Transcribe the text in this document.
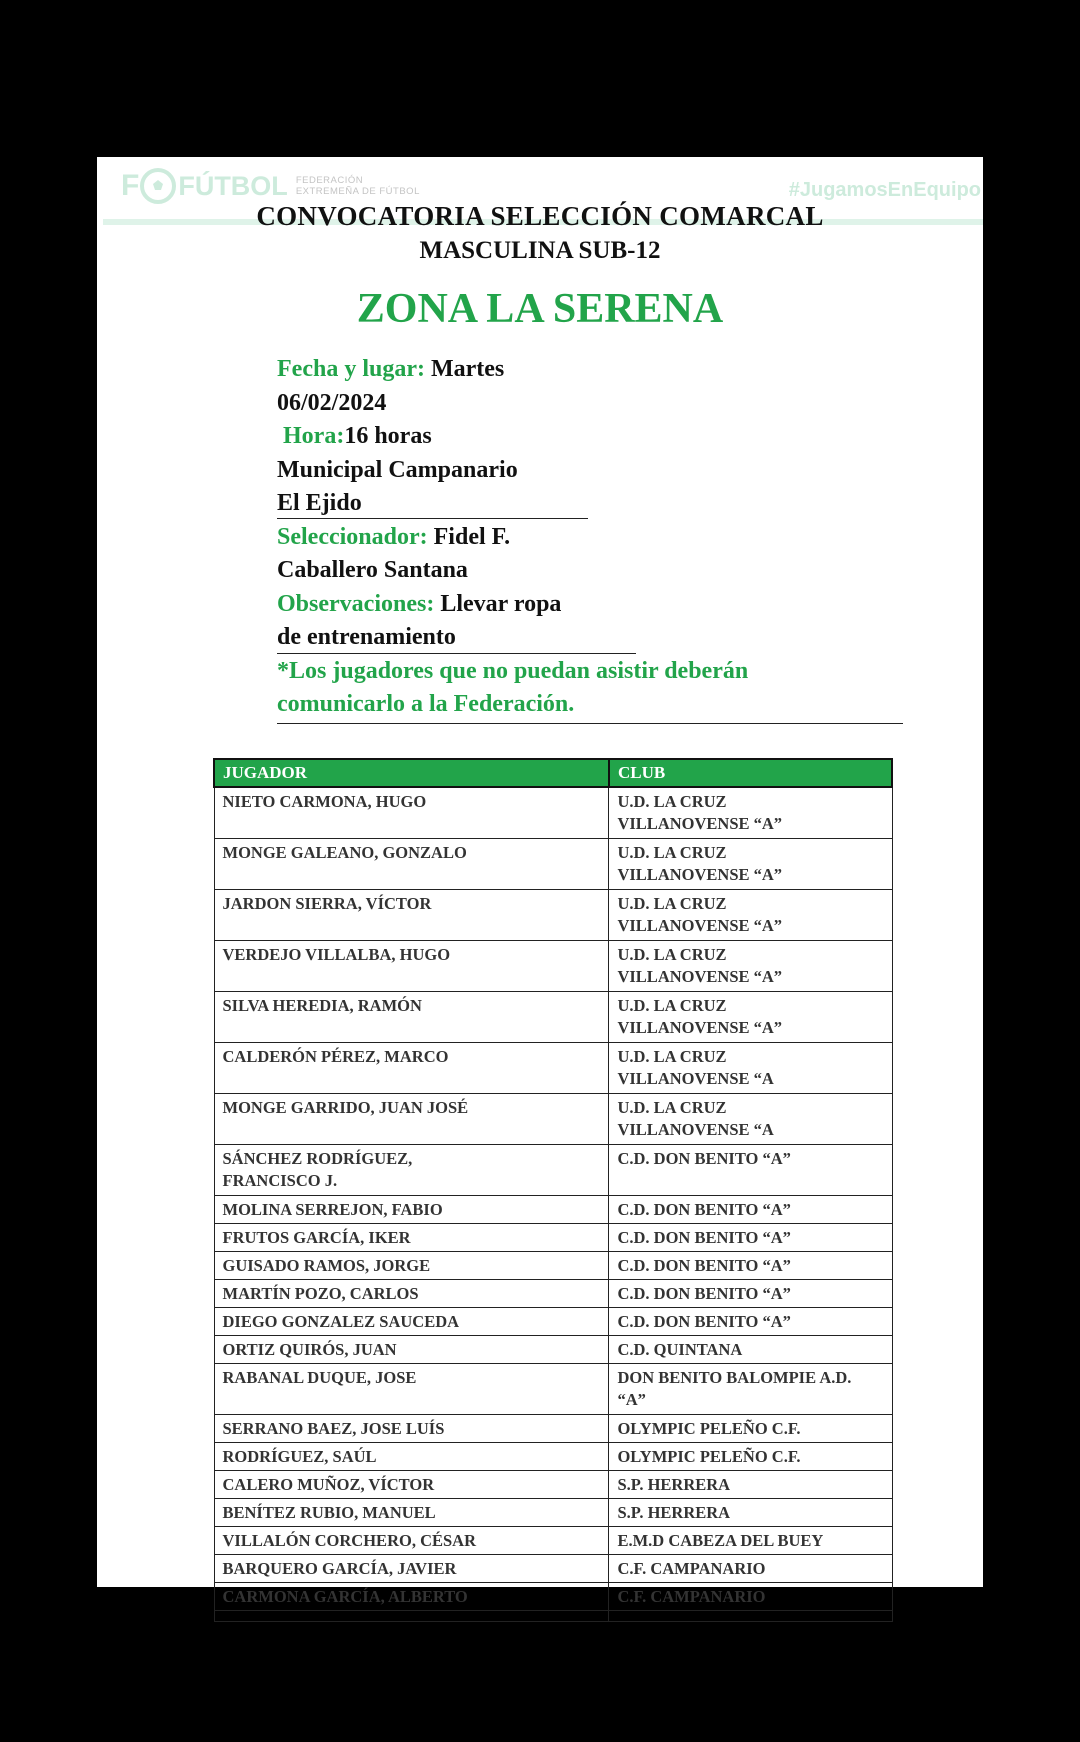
F FÚTBOL FEDERACIÓN
EXTREMEÑA DE FÚTBOL	#JugamosEnEquipo
CONVOCATORIA SELECCIÓN COMARCAL
MASCULINA SUB-12
ZONA LA SERENA
Fecha y lugar: Martes
06/02/2024
Hora:16 horas
Municipal Campanario
El Ejido
Seleccionador: Fidel F.
Caballero Santana
Observaciones: Llevar ropa
de entrenamiento
*Los jugadores que no puedan asistir deberán
comunicarlo a la Federación.
JUGADOR	CLUB
NIETO CARMONA, HUGO	U.D. LA CRUZ
VILLANOVENSE “A”

MONGE GALEANO, GONZALO	U.D. LA CRUZ
VILLANOVENSE “A”

JARDON SIERRA, VÍCTOR	U.D. LA CRUZ
VILLANOVENSE “A”

VERDEJO VILLALBA, HUGO	U.D. LA CRUZ
VILLANOVENSE “A”

SILVA HEREDIA, RAMÓN	U.D. LA CRUZ
VILLANOVENSE “A”

CALDERÓN PÉREZ, MARCO	U.D. LA CRUZ
VILLANOVENSE “A

MONGE GARRIDO, JUAN JOSÉ	U.D. LA CRUZ
VILLANOVENSE “A

SÁNCHEZ RODRÍGUEZ,
FRANCISCO J.	C.D. DON BENITO “A”
MOLINA SERREJON, FABIO	C.D. DON BENITO “A”
FRUTOS GARCÍA, IKER	C.D. DON BENITO “A”
GUISADO RAMOS, JORGE	C.D. DON BENITO “A”
MARTÍN POZO, CARLOS	C.D. DON BENITO “A”
DIEGO GONZALEZ SAUCEDA	C.D. DON BENITO “A”
ORTIZ QUIRÓS, JUAN	C.D. QUINTANA
RABANAL DUQUE, JOSE	DON BENITO BALOMPIE A.D.
“A”

SERRANO BAEZ, JOSE LUÍS	OLYMPIC PELEÑO C.F.
RODRÍGUEZ, SAÚL	OLYMPIC PELEÑO C.F.
CALERO MUÑOZ, VÍCTOR	S.P. HERRERA
BENÍTEZ RUBIO, MANUEL	S.P. HERRERA
VILLALÓN CORCHERO, CÉSAR	E.M.D CABEZA DEL BUEY
BARQUERO GARCÍA, JAVIER	C.F. CAMPANARIO
CARMONA GARCÍA, ALBERTO	C.F. CAMPANARIO
